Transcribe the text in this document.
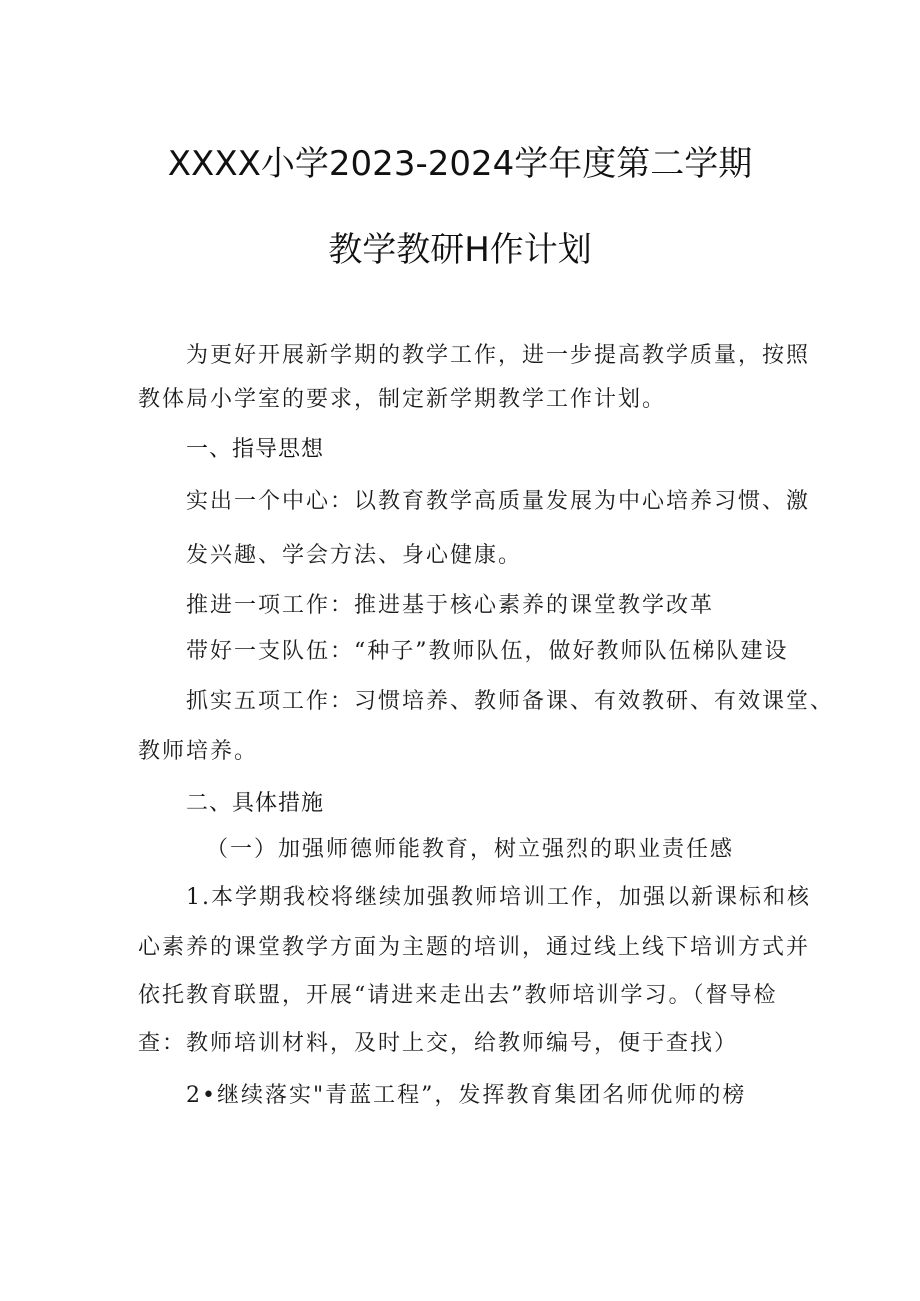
XXXX小学2023-2024学年度第二学期
教学教研H作计划
为更好开展新学期的教学工作，进一步提高教学质量，按照
教体局小学室的要求，制定新学期教学工作计划。
一、指导思想
实出一个中心：以教育教学高质量发展为中心培养习惯、激
发兴趣、学会方法、身心健康。
推进一项工作：推进基于核心素养的课堂教学改革
带好一支队伍：“种子”教师队伍，做好教师队伍梯队建设
抓实五项工作：习惯培养、教师备课、有效教研、有效课堂、
教师培养。
二、具体措施
（一）加强师德师能教育，树立强烈的职业责任感
1.本学期我校将继续加强教师培训工作，加强以新课标和核
心素养的课堂教学方面为主题的培训，通过线上线下培训方式并
依托教育联盟，开展“请进来走出去”教师培训学习。（督导检
查：教师培训材料，及时上交，给教师编号，便于查找）
2•继续落实"青蓝工程”，发挥教育集团名师优师的榜
